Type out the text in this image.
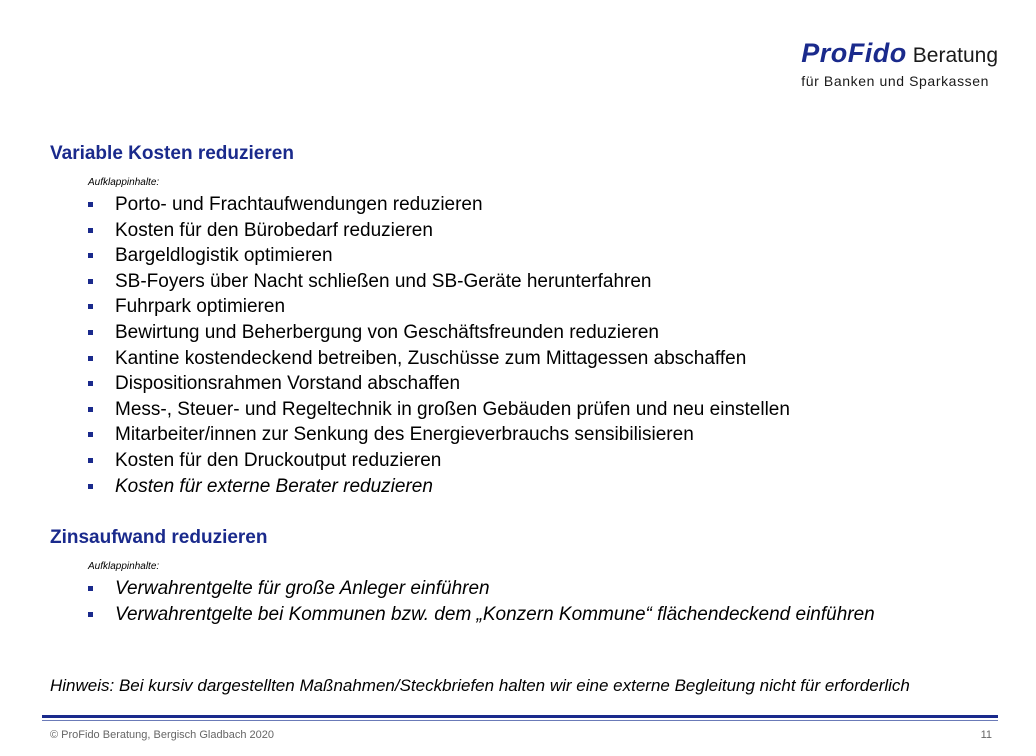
ProFido Beratung
für Banken und Sparkassen
Variable Kosten reduzieren
Aufklappinhalte:
Porto- und Frachtaufwendungen reduzieren
Kosten für den Bürobedarf reduzieren
Bargeldlogistik optimieren
SB-Foyers über Nacht schließen und SB-Geräte herunterfahren
Fuhrpark optimieren
Bewirtung und Beherbergung von Geschäftsfreunden reduzieren
Kantine kostendeckend betreiben, Zuschüsse zum Mittagessen abschaffen
Dispositionsrahmen Vorstand abschaffen
Mess-, Steuer- und Regeltechnik in großen Gebäuden prüfen und neu einstellen
Mitarbeiter/innen zur Senkung des Energieverbrauchs sensibilisieren
Kosten für den Druckoutput reduzieren
Kosten für externe Berater reduzieren
Zinsaufwand reduzieren
Aufklappinhalte:
Verwahrentgelte für große Anleger einführen
Verwahrentgelte bei Kommunen bzw. dem „Konzern Kommune“ flächendeckend einführen
Hinweis: Bei kursiv dargestellten Maßnahmen/Steckbriefen halten wir eine externe Begleitung nicht für erforderlich
© ProFido Beratung, Bergisch Gladbach 2020	11
